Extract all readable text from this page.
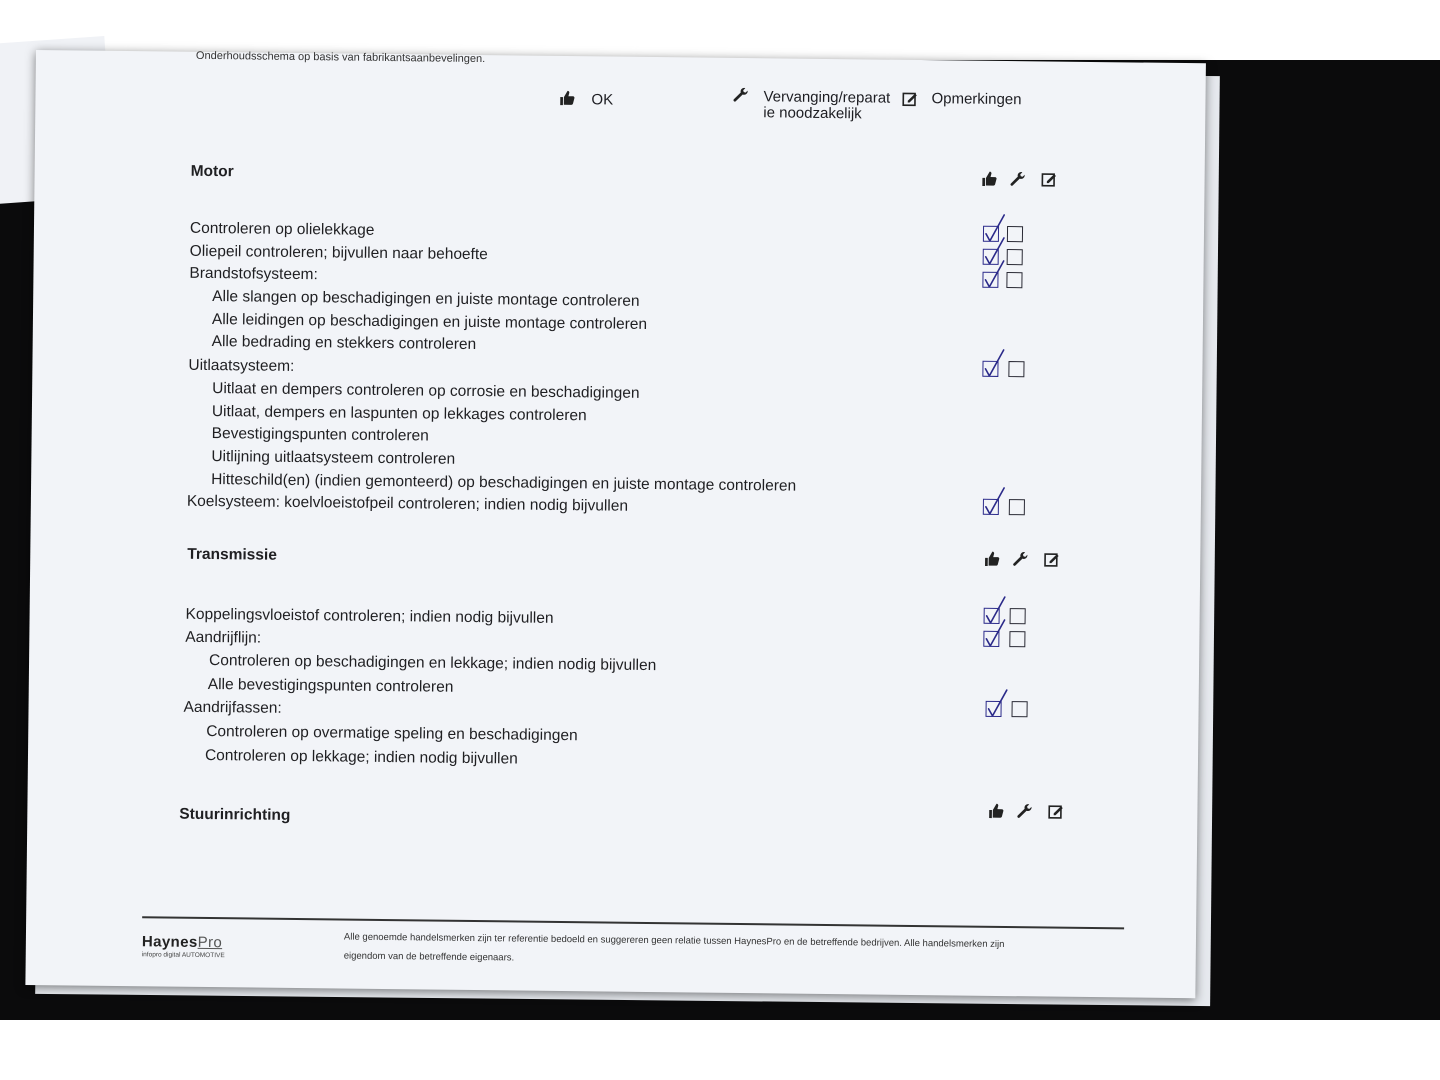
Onderhoudsschema op basis van fabrikantsaanbevelingen.
OK	Vervanging/reparat
ie noodzakelijk
Opmerkingen
Motor
Controleren op olielekkage
Oliepeil controleren; bijvullen naar behoefte
Brandstofsysteem:
Alle slangen op beschadigingen en juiste montage controleren
Alle leidingen op beschadigingen en juiste montage controleren
Alle bedrading en stekkers controleren
Uitlaatsysteem:
Uitlaat en dempers controleren op corrosie en beschadigingen
Uitlaat, dempers en laspunten op lekkages controleren
Bevestigingspunten controleren
Uitlijning uitlaatsysteem controleren
Hitteschild(en) (indien gemonteerd) op beschadigingen en juiste montage controleren
Koelsysteem: koelvloeistofpeil controleren; indien nodig bijvullen
Transmissie
Koppelingsvloeistof controleren; indien nodig bijvullen
Aandrijflijn:
Controleren op beschadigingen en lekkage; indien nodig bijvullen
Alle bevestigingspunten controleren
Aandrijfassen:
Controleren op overmatige speling en beschadigingen
Controleren op lekkage; indien nodig bijvullen
Stuurinrichting
HaynesPro
infopro digital AUTOMOTIVE
Alle genoemde handelsmerken zijn ter referentie bedoeld en suggereren geen relatie tussen HaynesPro en de betreffende bedrijven. Alle handelsmerken zijn
eigendom van de betreffende eigenaars.
